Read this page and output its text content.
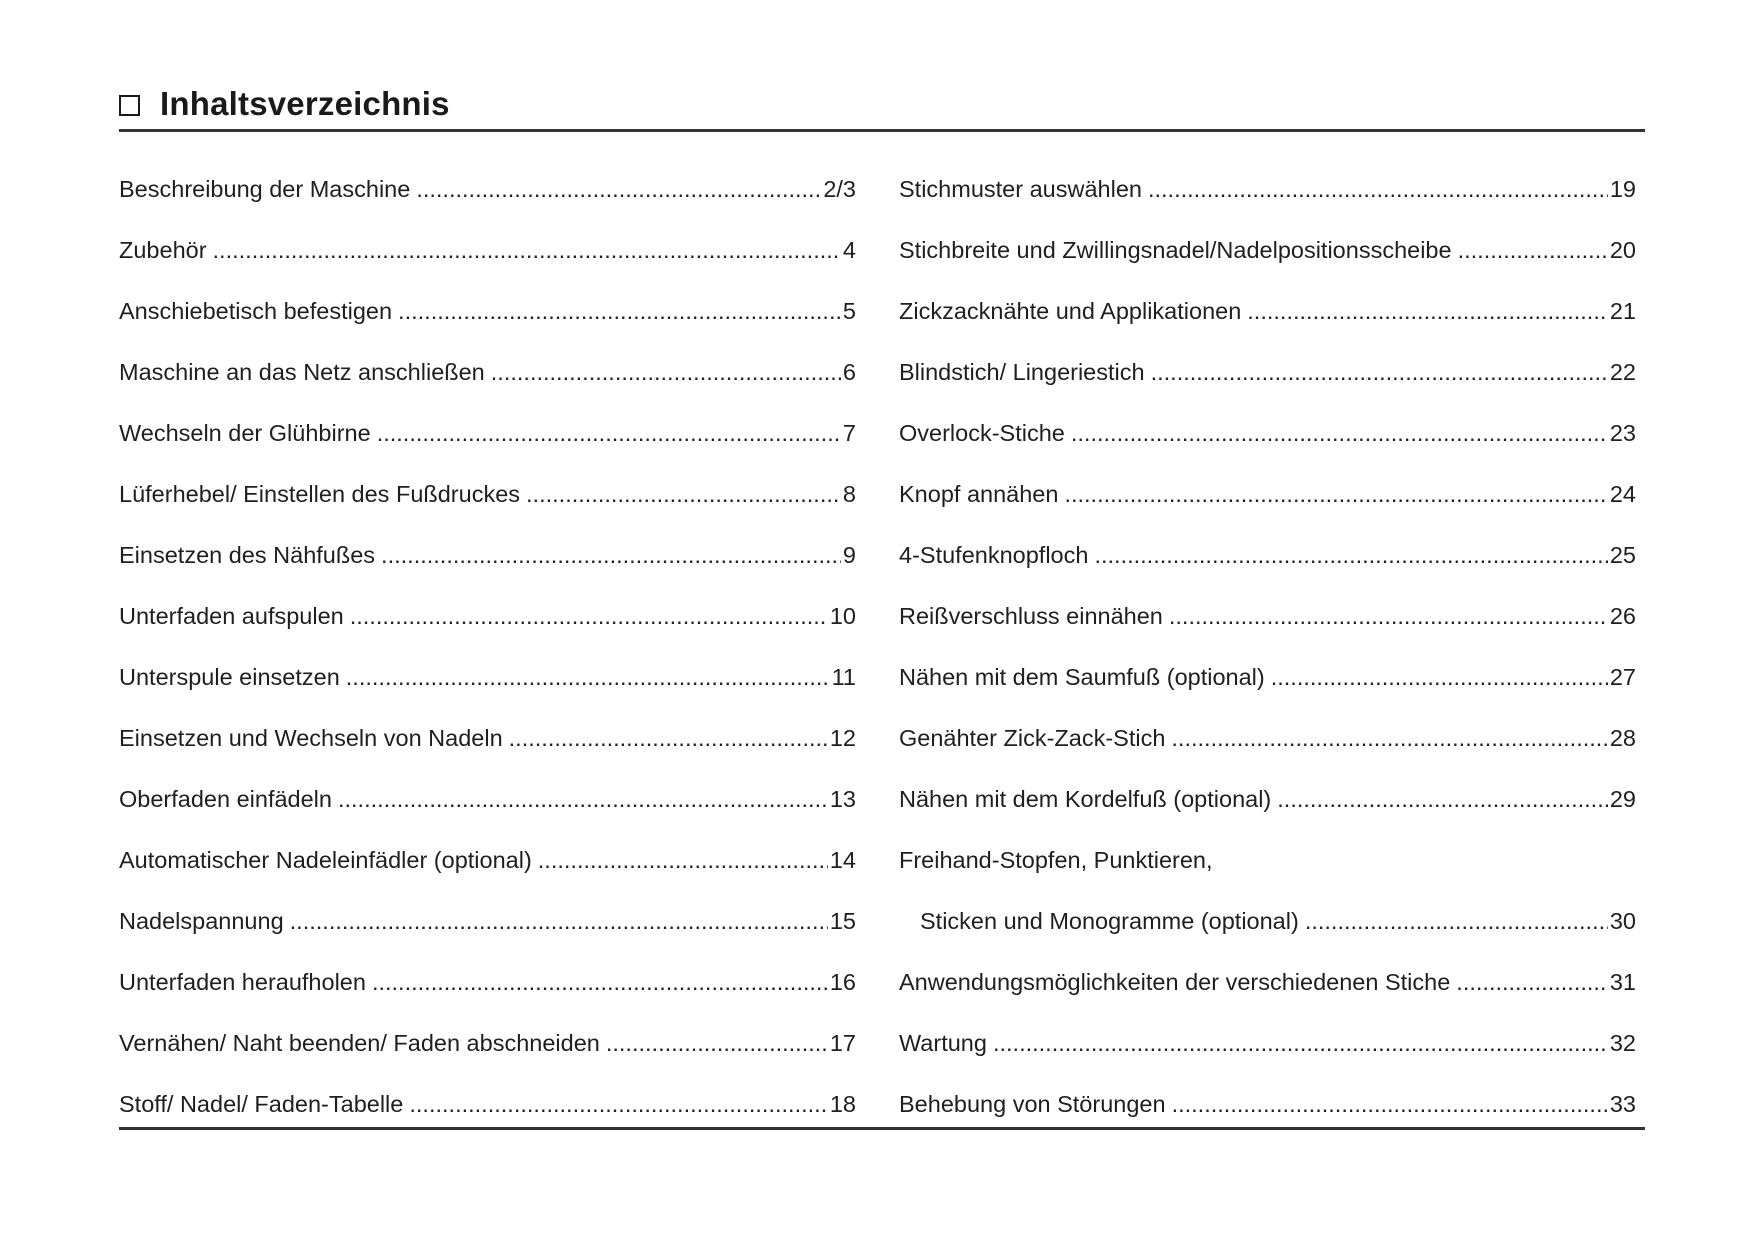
Inhaltsverzeichnis
Beschreibung der Maschine .....	2/3
Zubehör .....	4
Anschiebetisch befestigen .....	5
Maschine an das Netz anschließen .....	6
Wechseln der Glühbirne .....	7
Lüferhebel/ Einstellen des Fußdruckes .....	8
Einsetzen des Nähfußes .....	9
Unterfaden aufspulen .....	10
Unterspule einsetzen .....	11
Einsetzen und Wechseln von Nadeln .....	12
Oberfaden einfädeln .....	13
Automatischer Nadeleinfädler (optional) .....	14
Nadelspannung .....	15
Unterfaden heraufholen .....	16
Vernähen/ Naht beenden/ Faden abschneiden .....	17
Stoff/ Nadel/ Faden-Tabelle .....	18
Stichmuster auswählen .....	19
Stichbreite und Zwillingsnadel/Nadelpositionsscheibe .....	20
Zickzacknähte und Applikationen .....	21
Blindstich/ Lingeriestich .....	22
Overlock-Stiche .....	23
Knopf annähen .....	24
4-Stufenknopfloch .....	25
Reißverschluss einnähen .....	26
Nähen mit dem Saumfuß (optional) .....	27
Genähter Zick-Zack-Stich .....	28
Nähen mit dem Kordelfuß (optional) .....	29
Freihand-Stopfen, Punktieren,
Sticken und Monogramme (optional) .....	30
Anwendungsmöglichkeiten der verschiedenen Stiche .....	31
Wartung .....	32
Behebung von Störungen .....	33
